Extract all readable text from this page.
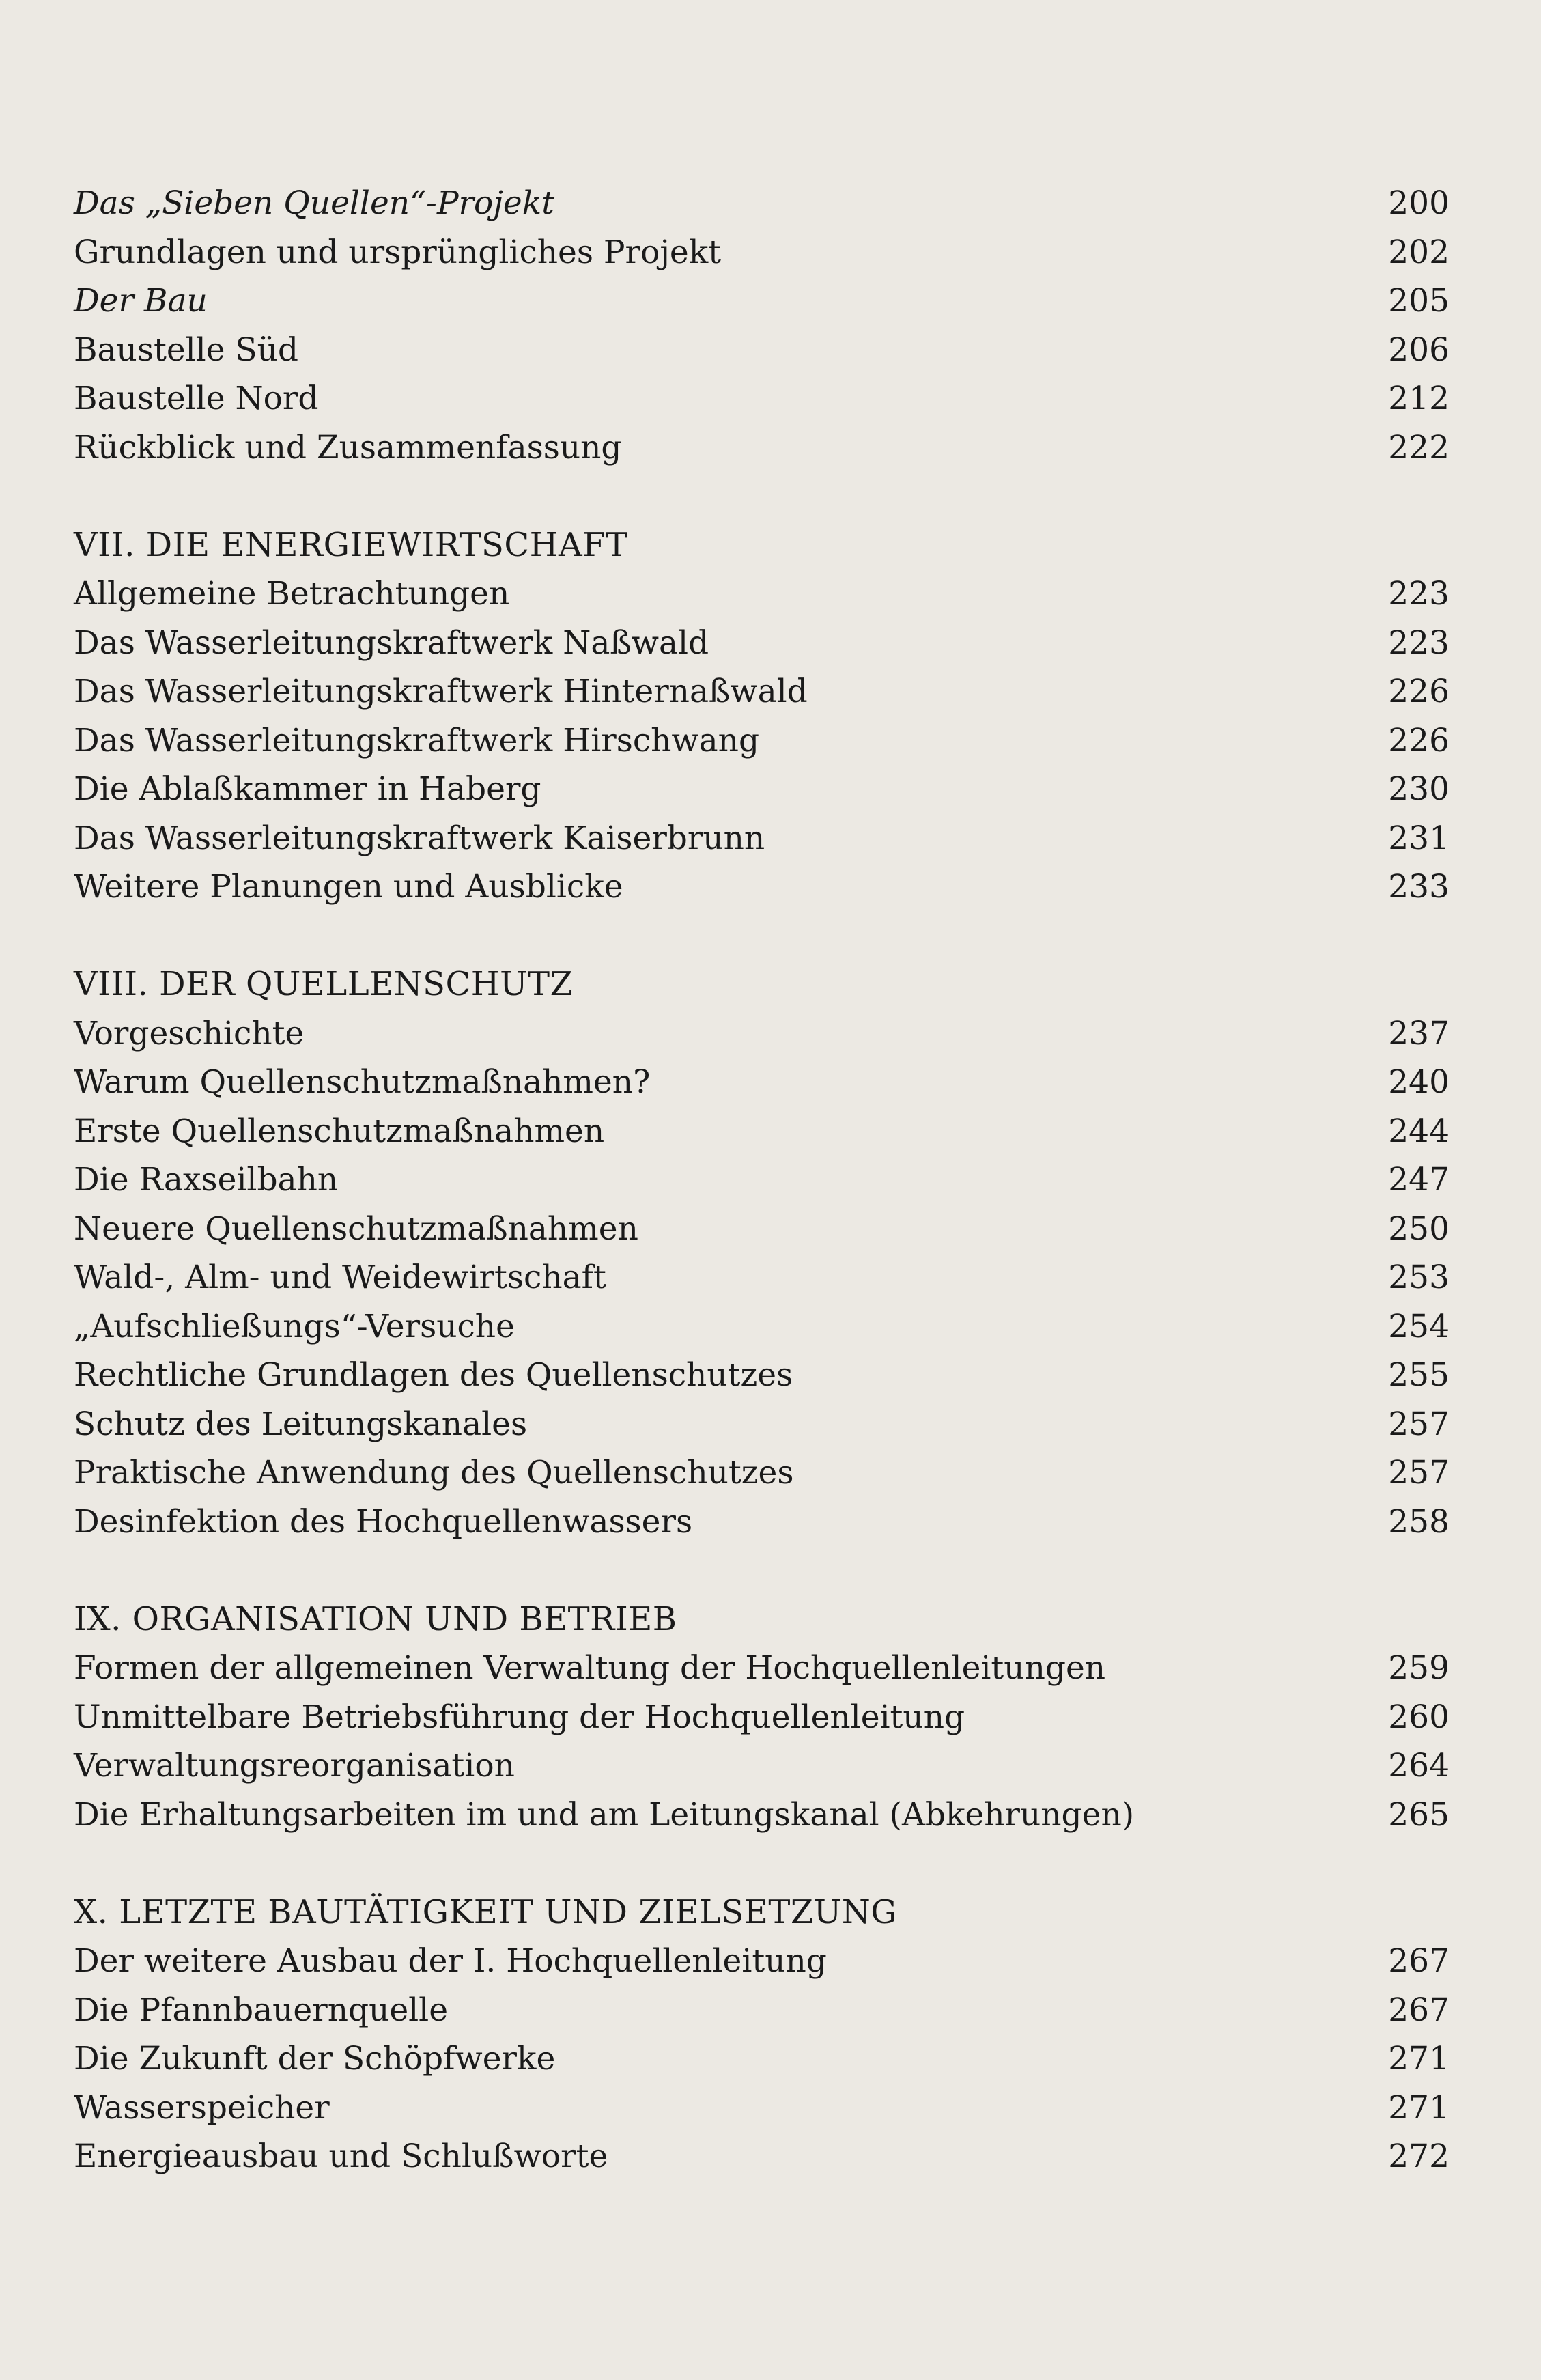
Das „Sieben Quellen“-Projekt	200
Grundlagen und ursprüngliches Projekt	202
Der Bau	205
Baustelle Süd	206
Baustelle Nord	212
Rückblick und Zusammenfassung	222
VII. DIE ENERGIEWIRTSCHAFT
Allgemeine Betrachtungen	223
Das Wasserleitungskraftwerk Naßwald	223
Das Wasserleitungskraftwerk Hinternaßwald	226
Das Wasserleitungskraftwerk Hirschwang	226
Die Ablaßkammer in Haberg	230
Das Wasserleitungskraftwerk Kaiserbrunn	231
Weitere Planungen und Ausblicke	233
VIII. DER QUELLENSCHUTZ
Vorgeschichte	237
Warum Quellenschutzmaßnahmen?	240
Erste Quellenschutzmaßnahmen	244
Die Raxseilbahn	247
Neuere Quellenschutzmaßnahmen	250
Wald-, Alm- und Weidewirtschaft	253
„Aufschließungs“-Versuche	254
Rechtliche Grundlagen des Quellenschutzes	255
Schutz des Leitungskanales	257
Praktische Anwendung des Quellenschutzes	257
Desinfektion des Hochquellenwassers	258
IX. ORGANISATION UND BETRIEB
Formen der allgemeinen Verwaltung der Hochquellenleitungen	259
Unmittelbare Betriebsführung der Hochquellenleitung	260
Verwaltungsreorganisation	264
Die Erhaltungsarbeiten im und am Leitungskanal (Abkehrungen)	265
X. LETZTE BAUTÄTIGKEIT UND ZIELSETZUNG
Der weitere Ausbau der I. Hochquellenleitung	267
Die Pfannbauernquelle	267
Die Zukunft der Schöpfwerke	271
Wasserspeicher	271
Energieausbau und Schlußworte	272
